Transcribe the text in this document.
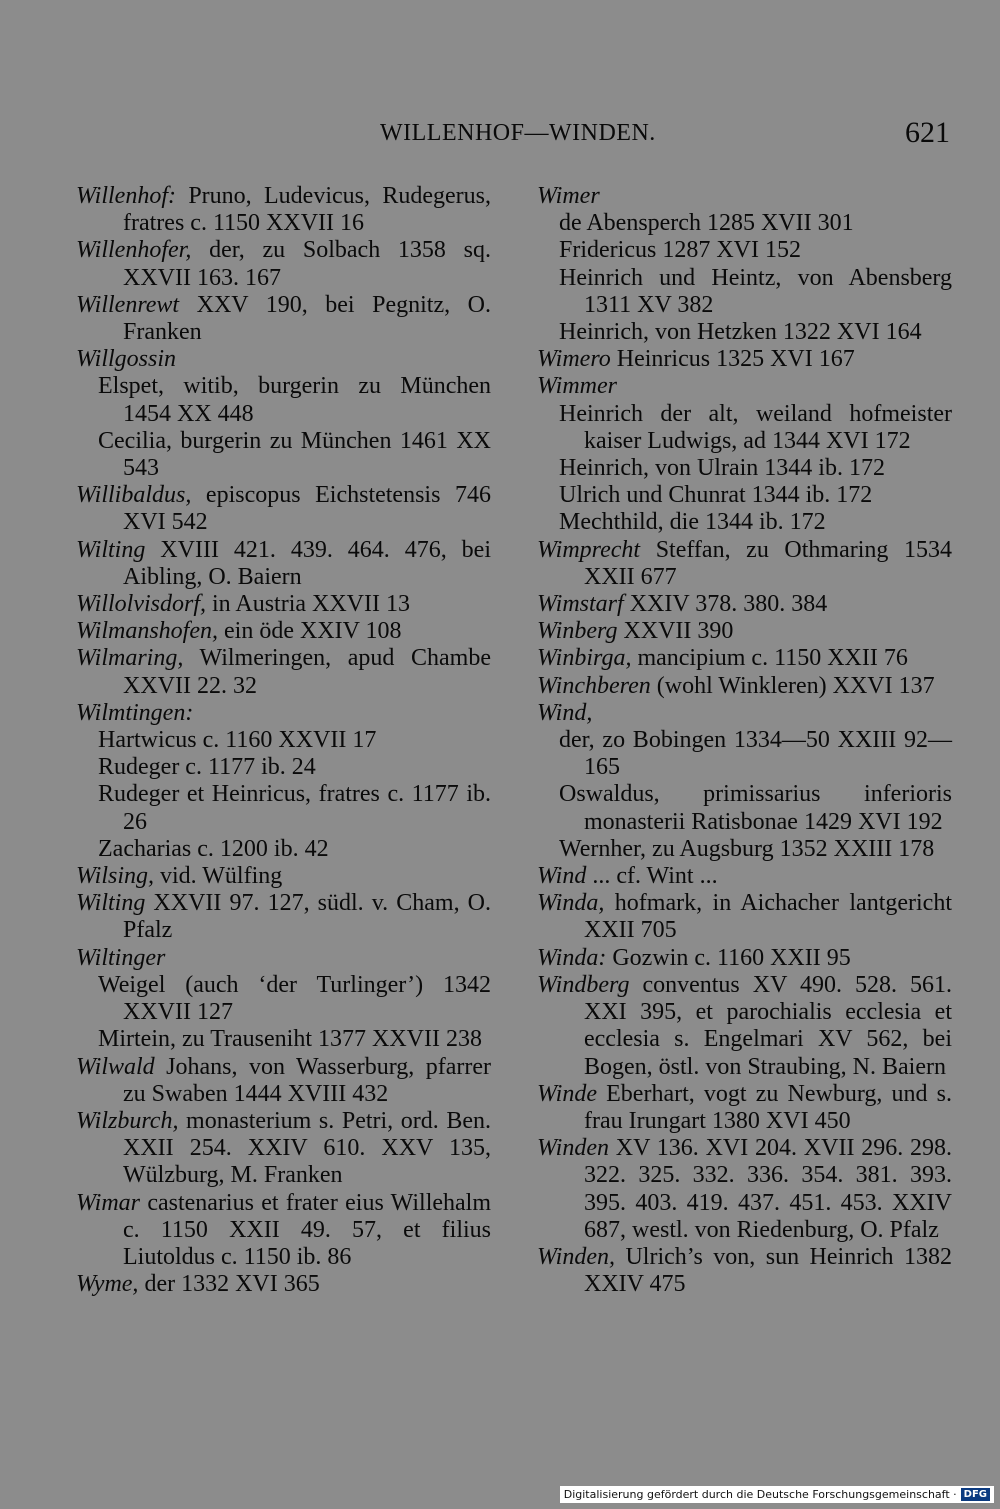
WILLENHOF—WINDEN.	621
Willenhof: Pruno, Ludevicus, Rudegerus, fratres c. 1150 XXVII 16
Willenhofer, der, zu Solbach 1358 sq. XXVII 163. 167
Willenrewt XXV 190, bei Pegnitz, O. Franken
Willgossin
Elspet, witib, burgerin zu München 1454 XX 448
Cecilia, burgerin zu München 1461 XX 543
Willibaldus, episcopus Eichstetensis 746 XVI 542
Wilting XVIII 421. 439. 464. 476, bei Aibling, O. Baiern
Willolvisdorf, in Austria XXVII 13
Wilmanshofen, ein öde XXIV 108
Wilmaring, Wilmeringen, apud Chambe XXVII 22. 32
Wilmtingen:
Hartwicus c. 1160 XXVII 17
Rudeger c. 1177 ib. 24
Rudeger et Heinricus, fratres c. 1177 ib. 26
Zacharias c. 1200 ib. 42
Wilsing, vid. Wülfing
Wilting XXVII 97. 127, südl. v. Cham, O. Pfalz
Wiltinger
Weigel (auch ‘der Turlinger’) 1342 XXVII 127
Mirtein, zu Trauseniht 1377 XXVII 238
Wilwald Johans, von Wasserburg, pfarrer zu Swaben 1444 XVIII 432
Wilzburch, monasterium s. Petri, ord. Ben. XXII 254. XXIV 610. XXV 135, Wülzburg, M. Franken
Wimar castenarius et frater eius Willehalm c. 1150 XXII 49. 57, et filius Liutoldus c. 1150 ib. 86
Wyme, der 1332 XVI 365
Wimer
de Abensperch 1285 XVII 301
Fridericus 1287 XVI 152
Heinrich und Heintz, von Abensberg 1311 XV 382
Heinrich, von Hetzken 1322 XVI 164
Wimero Heinricus 1325 XVI 167
Wimmer
Heinrich der alt, weiland hofmeister kaiser Ludwigs, ad 1344 XVI 172
Heinrich, von Ulrain 1344 ib. 172
Ulrich und Chunrat 1344 ib. 172
Mechthild, die 1344 ib. 172
Wimprecht Steffan, zu Othmaring 1534 XXII 677
Wimstarf XXIV 378. 380. 384
Winberg XXVII 390
Winbirga, mancipium c. 1150 XXII 76
Winchberen (wohl Winkleren) XXVI 137
Wind,
der, zo Bobingen 1334—50 XXIII 92—165
Oswaldus, primissarius inferioris monasterii Ratisbonae 1429 XVI 192
Wernher, zu Augsburg 1352 XXIII 178
Wind ... cf. Wint ...
Winda, hofmark, in Aichacher lantgericht XXII 705
Winda: Gozwin c. 1160 XXII 95
Windberg conventus XV 490. 528. 561. XXI 395, et parochialis ecclesia et ecclesia s. Engelmari XV 562, bei Bogen, östl. von Straubing, N. Baiern
Winde Eberhart, vogt zu Newburg, und s. frau Irungart 1380 XVI 450
Winden XV 136. XVI 204. XVII 296. 298. 322. 325. 332. 336. 354. 381. 393. 395. 403. 419. 437. 451. 453. XXIV 687, westl. von Riedenburg, O. Pfalz
Winden, Ulrich’s von, sun Heinrich 1382 XXIV 475
Digitalisierung gefördert durch die Deutsche Forschungsgemeinschaft · DFG
